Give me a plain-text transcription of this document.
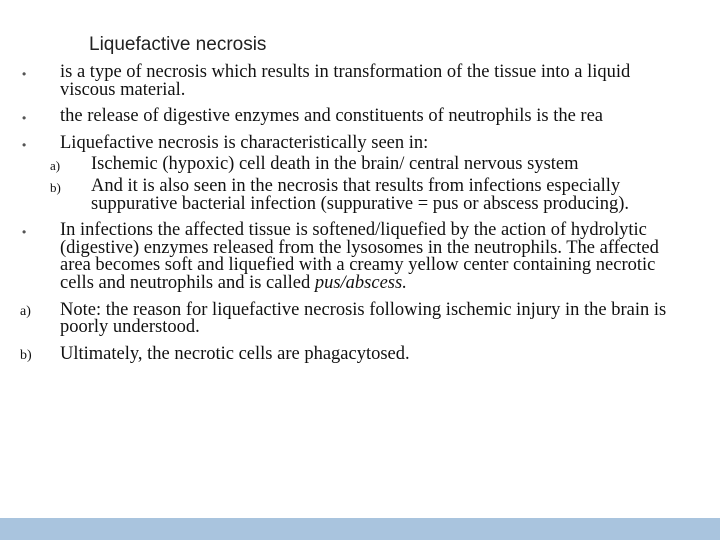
Liquefactive necrosis
• is a type of necrosis which results in transformation of the tissue into a liquid viscous material.
• the release of digestive enzymes and constituents of neutrophils is the rea
• Liquefactive necrosis is characteristically seen in:
a) Ischemic (hypoxic) cell death in the brain/ central nervous system
b) And it is also seen in the necrosis that results from infections especially suppurative bacterial infection (suppurative = pus or abscess producing).
• In infections the affected tissue is softened/liquefied by the action of hydrolytic (digestive) enzymes released from the lysosomes in the neutrophils. The affected area becomes soft and liquefied with a creamy yellow center containing necrotic cells and neutrophils and is called pus/abscess.
a) Note: the reason for liquefactive necrosis following ischemic injury in the brain is poorly understood.
b) Ultimately, the necrotic cells are phagacytosed.
